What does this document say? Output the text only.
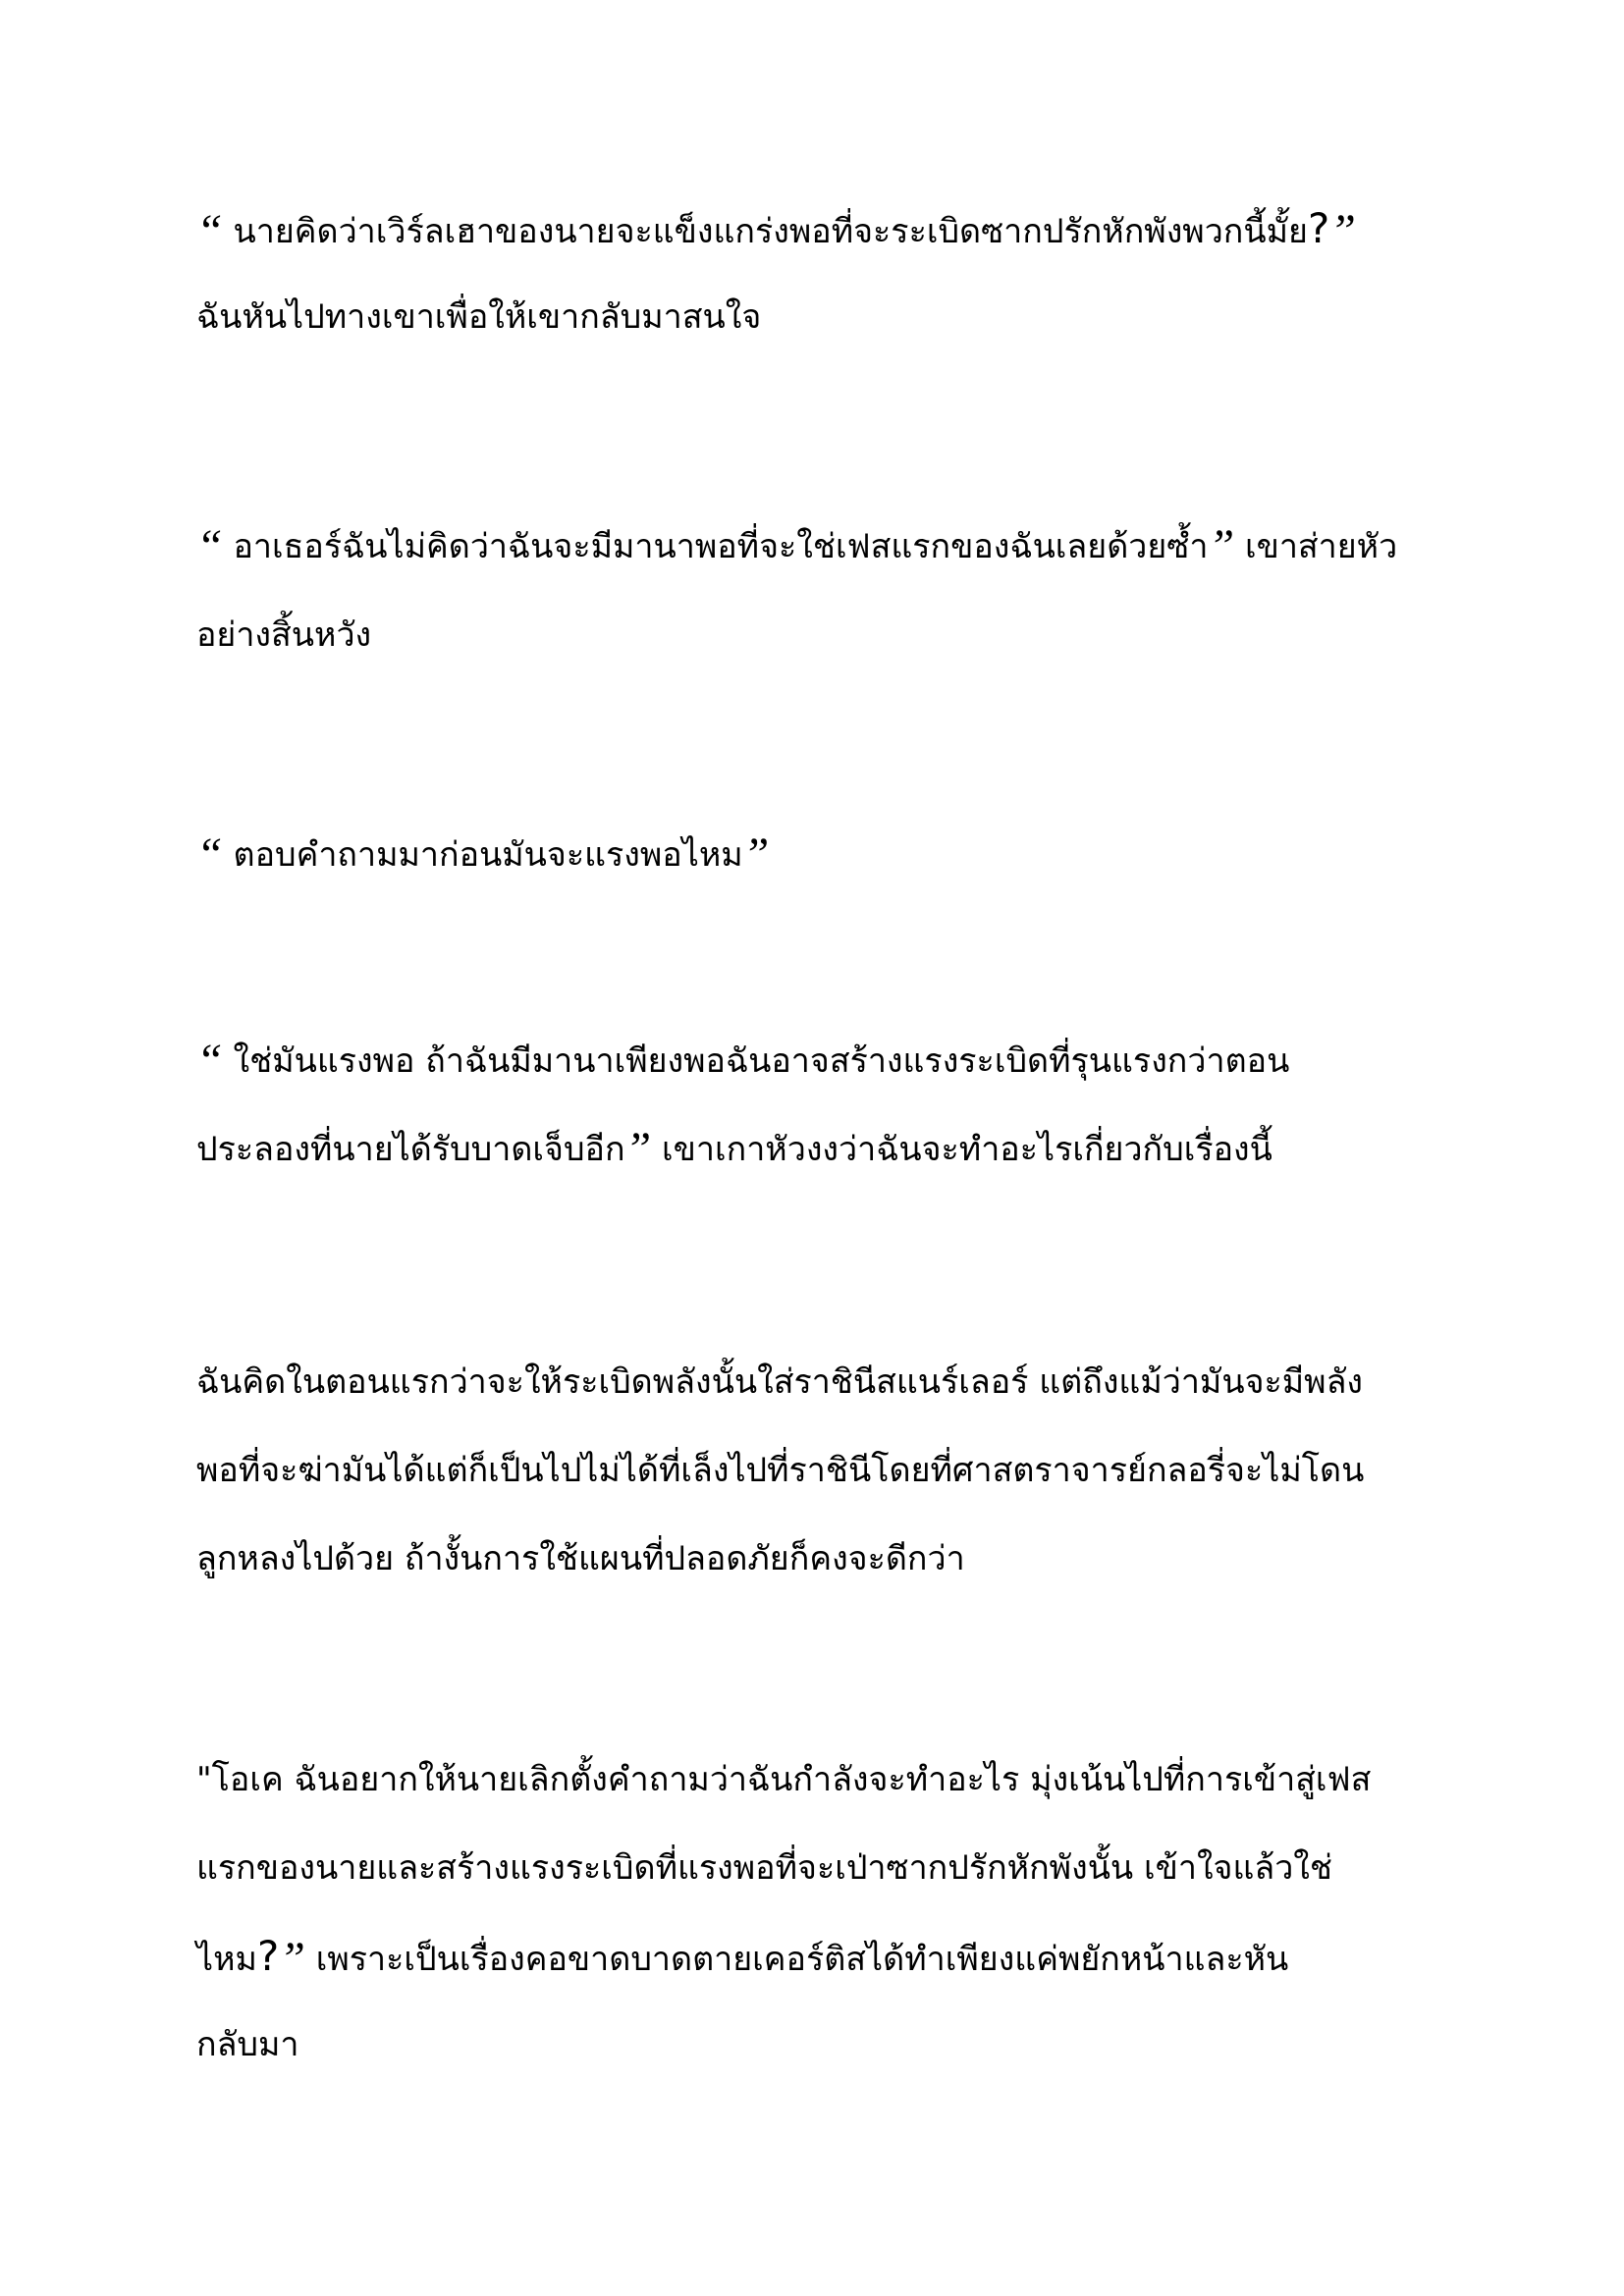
“ นายคิดว่าเวิร์ลเฮาของนายจะแข็งแกร่งพอที่จะระเบิดซากปรักหักพังพวกนี้มั้ย?”
ฉันหันไปทางเขาเพื่อให้เขากลับมาสนใจ
“ อาเธอร์ฉันไม่คิดว่าฉันจะมีมานาพอที่จะใช่เฟสแรกของฉันเลยด้วยซ้ำ” เขาส่ายหัว
อย่างสิ้นหวัง
“ ตอบคำถามมาก่อนมันจะแรงพอไหม”
“ ใช่มันแรงพอ ถ้าฉันมีมานาเพียงพอฉันอาจสร้างแรงระเบิดที่รุนแรงกว่าตอน
ประลองที่นายได้รับบาดเจ็บอีก” เขาเกาหัวงงว่าฉันจะทำอะไรเกี่ยวกับเรื่องนี้
ฉันคิดในตอนแรกว่าจะให้ระเบิดพลังนั้นใส่ราชินีสแนร์เลอร์ แต่ถึงแม้ว่ามันจะมีพลัง
พอที่จะฆ่ามันได้แต่ก็เป็นไปไม่ได้ที่เล็งไปที่ราชินีโดยที่ศาสตราจารย์กลอรี่จะไม่โดน
ลูกหลงไปด้วย ถ้างั้นการใช้แผนที่ปลอดภัยก็คงจะดีกว่า
"โอเค ฉันอยากให้นายเลิกตั้งคำถามว่าฉันกำลังจะทำอะไร มุ่งเน้นไปที่การเข้าสู่เฟส
แรกของนายและสร้างแรงระเบิดที่แรงพอที่จะเป่าซากปรักหักพังนั้น เข้าใจแล้วใช่
ไหม?” เพราะเป็นเรื่องคอขาดบาดตายเคอร์ติสได้ทำเพียงแค่พยักหน้าและหัน
กลับมา
